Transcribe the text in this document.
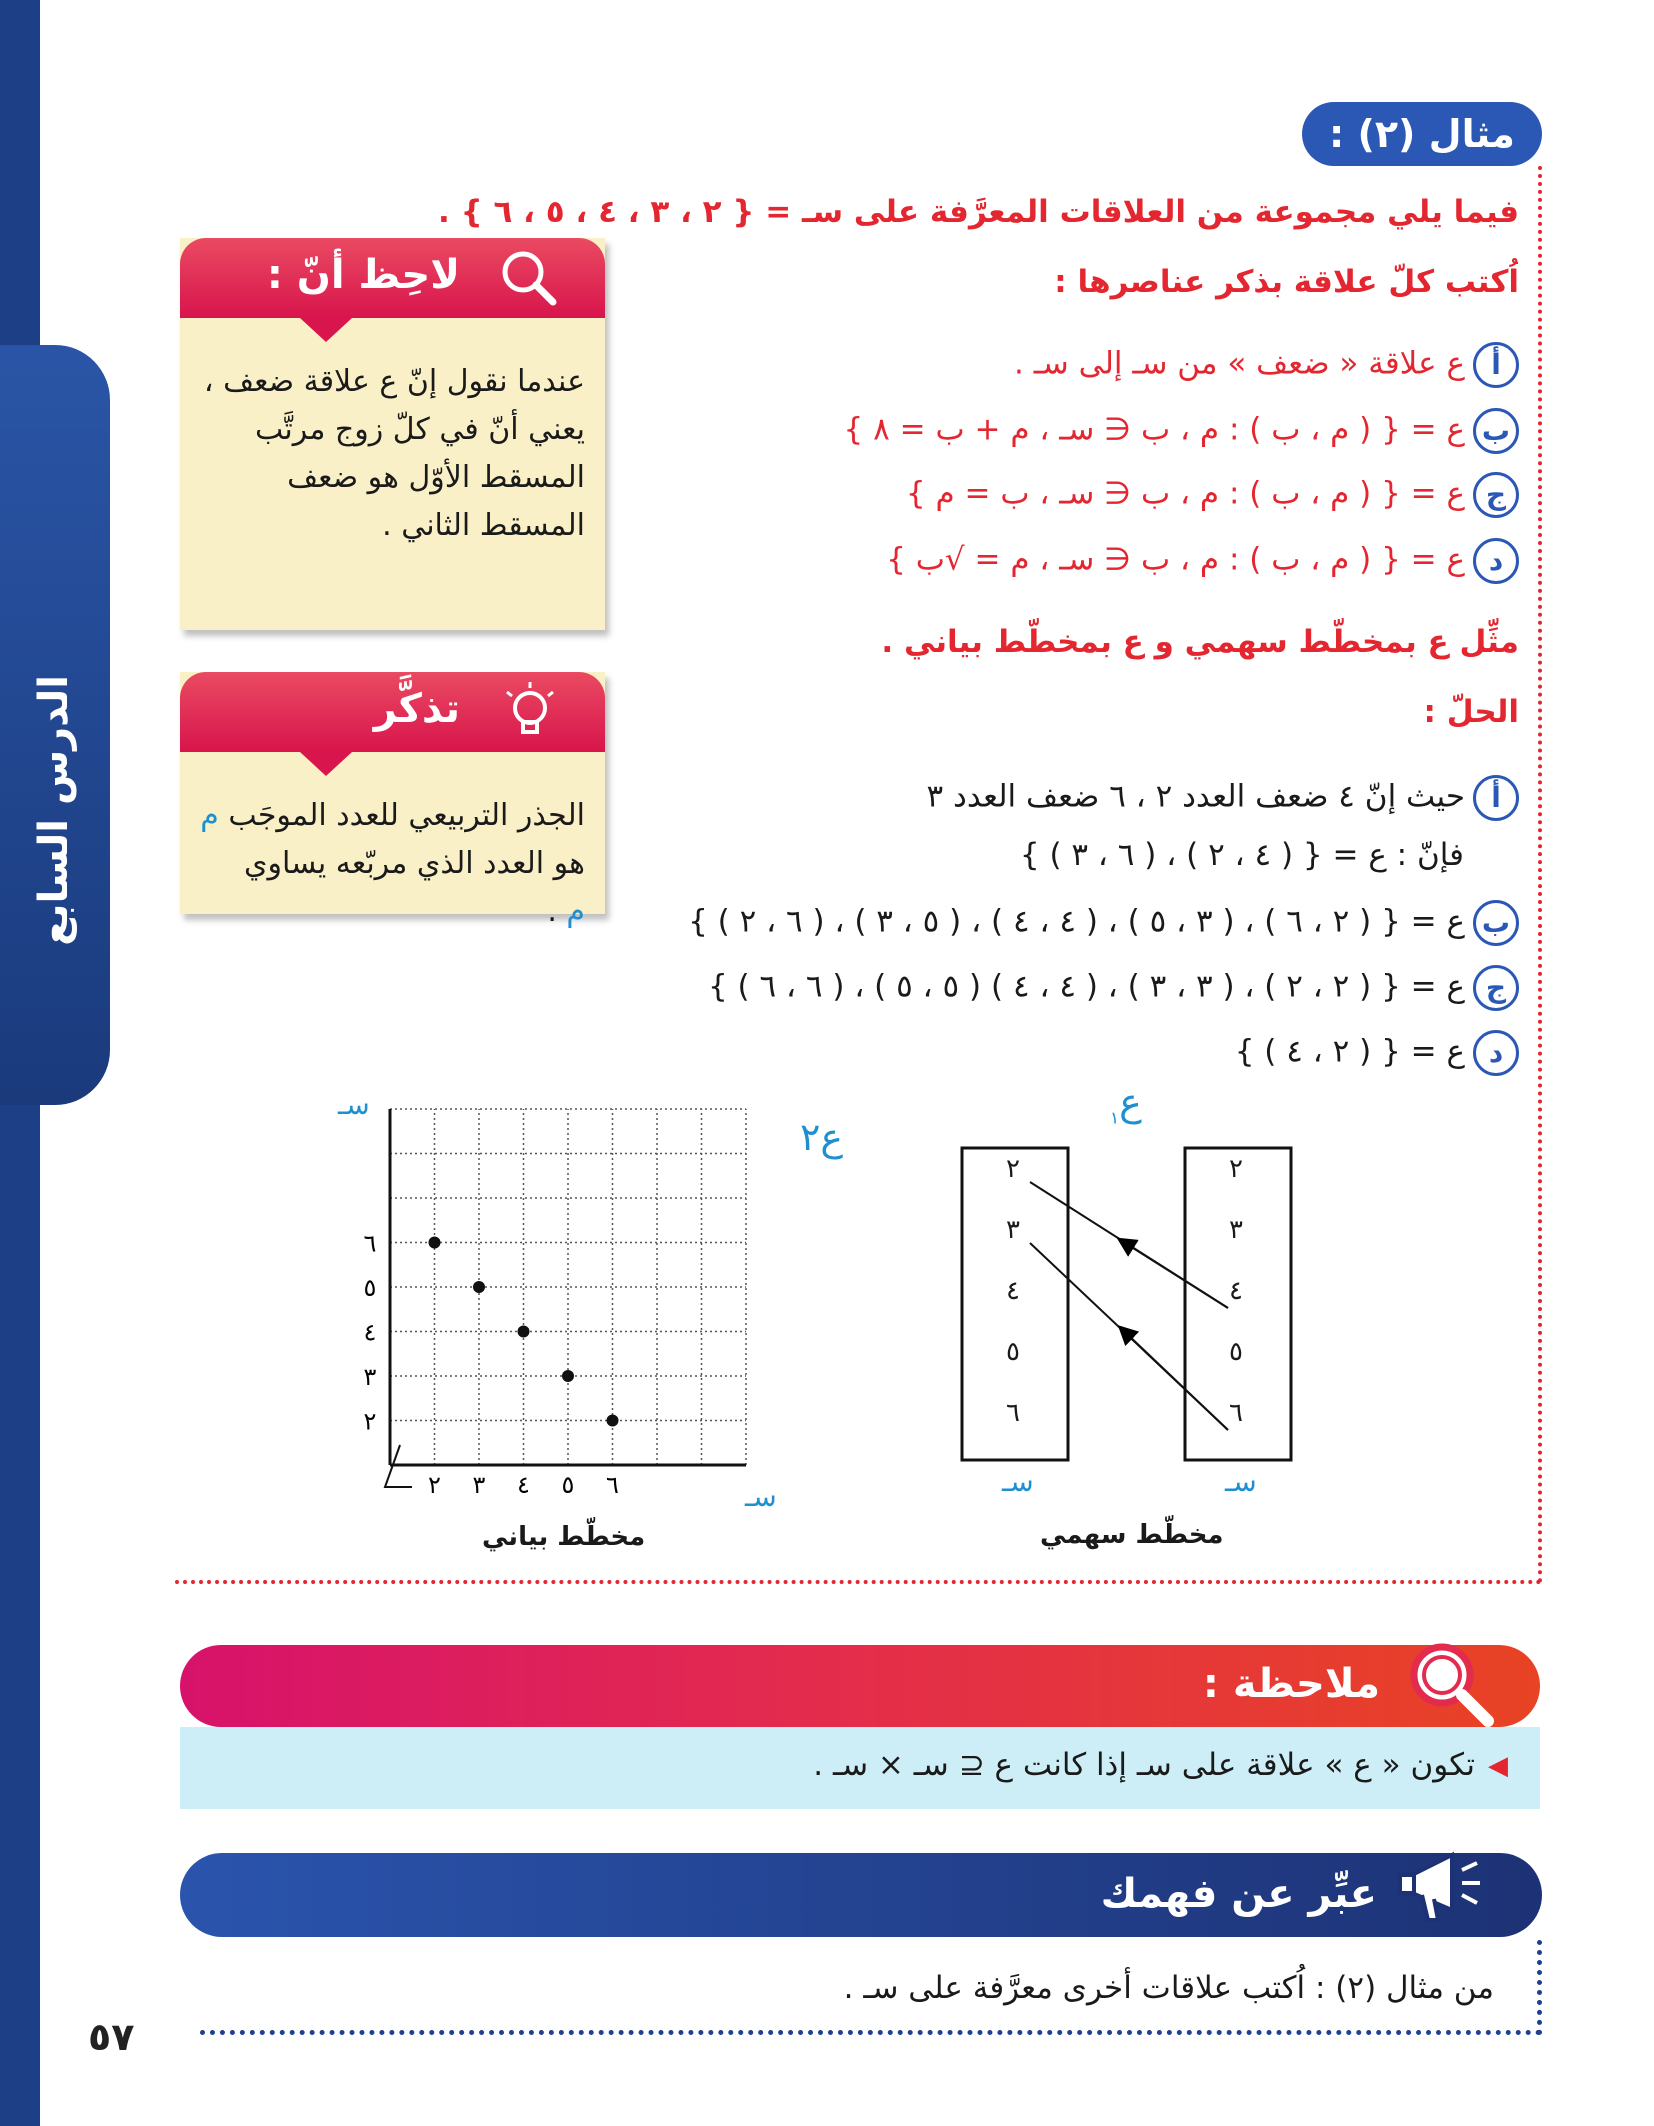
الدرس السابع
مثال (٢) :
فيما يلي مجموعة من العلاقات المعرَّفة على سـ = { ٢ ، ٣ ، ٤ ، ٥ ، ٦ } .
اُكتب كلّ علاقة بذكر عناصرها :
أع علاقة « ضعف » من سـ إلى سـ .
بع = { ( م ، ب ) : م ، ب ∈ سـ ، م + ب = ٨ }
جع = { ( م ، ب ) : م ، ب ∈ سـ ، ب = م }
دع = { ( م ، ب ) : م ، ب ∈ سـ ، م = √ب }
مثِّل ع بمخطّط سهمي و ع بمخطّط بياني .
الحلّ :
أحيث إنّ ٤ ضعف العدد ٢ ، ٦ ضعف العدد ٣
فإنّ : ع = { ( ٤ ، ٢ ) ، ( ٦ ، ٣ ) }
بع = { ( ٢ ، ٦ ) ، ( ٣ ، ٥ ) ، ( ٤ ، ٤ ) ، ( ٥ ، ٣ ) ، ( ٦ ، ٢ ) }
جع = { ( ٢ ، ٢ ) ، ( ٣ ، ٣ ) ، ( ٤ ، ٤ ) ( ٥ ، ٥ ) ، ( ٦ ، ٦ ) }
دع = { ( ٢ ، ٤ ) }
لاحِظ أنّ :
عندما نقول إنّ ع علاقة ضعف ، يعني أنّ في كلّ زوج مرتَّب المسقط الأوّل هو ضعف المسقط الثاني .
تذكَّر
الجذر التربيعي للعدد الموجَب م
هو العدد الذي مربّعه يساوي م .
٢
٣
٤
٥
٦
٢
٣
٤
٥
٦
ع$_١$
سـ	سـ
مخطّط سهمي
٢ ٣ ٤ ٥ ٦
٢
٣
٤
٥
٦
سـ
سـ
ع٢
مخطّط بياني
ملاحظة :
◀
تكون « ع » علاقة على سـ إذا كانت ع ⊆ سـ × سـ .
عبِّر عن فهمك
من مثال (٢) : اُكتب علاقات أخرى معرَّفة على سـ .
٥٧
